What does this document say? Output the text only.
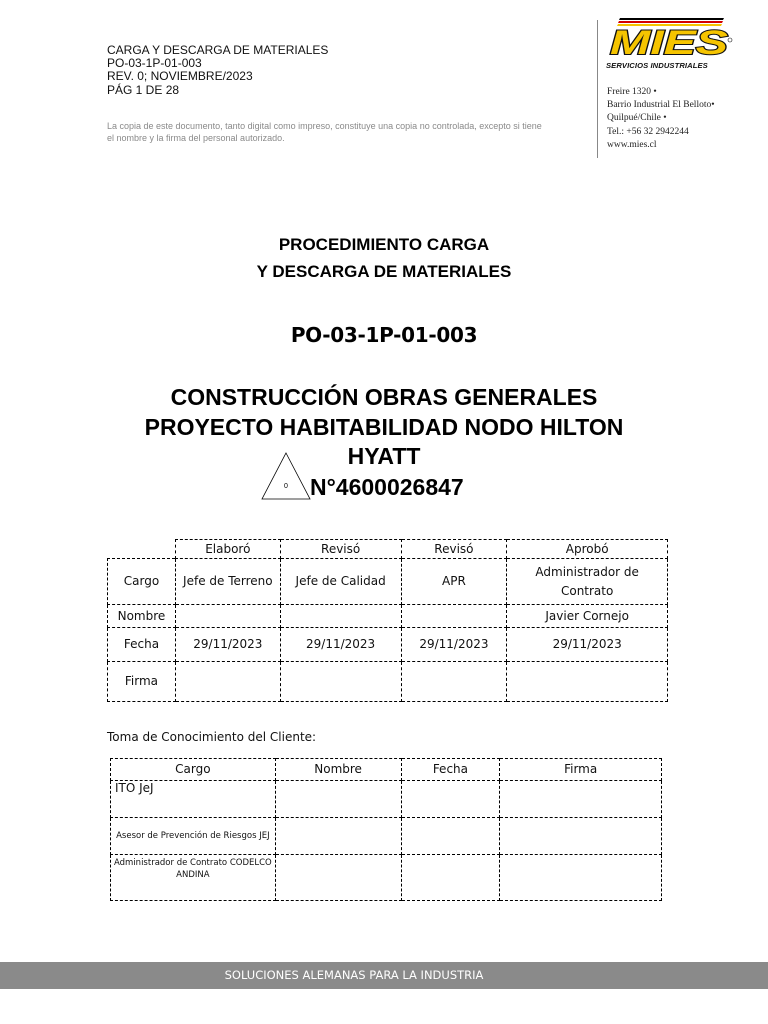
CARGA Y DESCARGA DE MATERIALES
PO-03-1P-01-003
REV. 0; NOVIEMBRE/2023
PÁG 1 DE 28
La copia de este documento, tanto digital como impreso, constituye una copia no controlada, excepto si tiene el nombre y la firma del personal autorizado.
MIES
SERVICIOS INDUSTRIALES
Freire 1320 •
Barrio Industrial El Belloto•
Quilpué/Chile •
Tel.: +56 32 2942244
www.mies.cl
PROCEDIMIENTO CARGA
Y DESCARGA DE MATERIALES
PO-03-1P-01-003
CONSTRUCCIÓN OBRAS GENERALES
PROYECTO HABITABILIDAD NODO HILTON
HYATT
0 N°4600026847
	Elaboró	Revisó	Revisó	Aprobó
Cargo	Jefe de Terreno	Jefe de Calidad	APR	Administrador de Contrato
Nombre				Javier Cornejo
Fecha	29/11/2023	29/11/2023	29/11/2023	29/11/2023
Firma				
Toma de Conocimiento del Cliente:
Cargo	Nombre	Fecha	Firma
ITO JeJ			
Asesor de Prevención de Riesgos JEJ			
Administrador de Contrato CODELCO ANDINA			
SOLUCIONES ALEMANAS PARA LA INDUSTRIA
